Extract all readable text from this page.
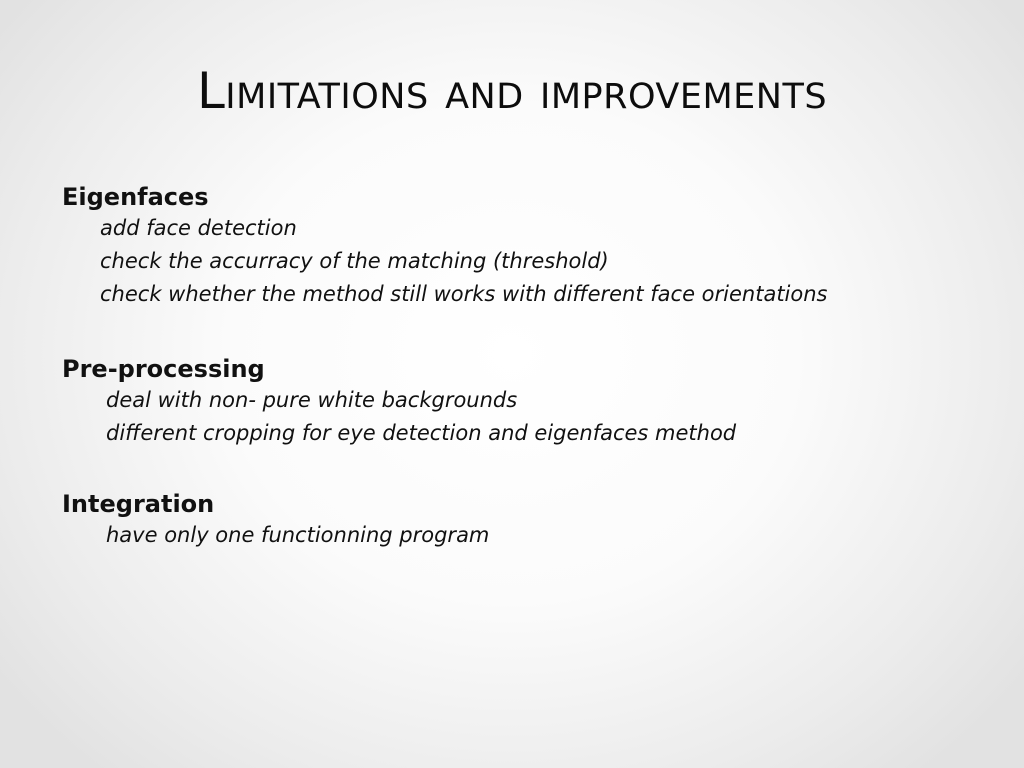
Limitations and improvements

Eigenfaces

add face detection

check the accurracy of the matching (threshold)

check whether the method still works with different face orientations

Pre-processing

deal with non- pure white backgrounds

different cropping for eye detection and eigenfaces method

Integration

have only one functionning program
